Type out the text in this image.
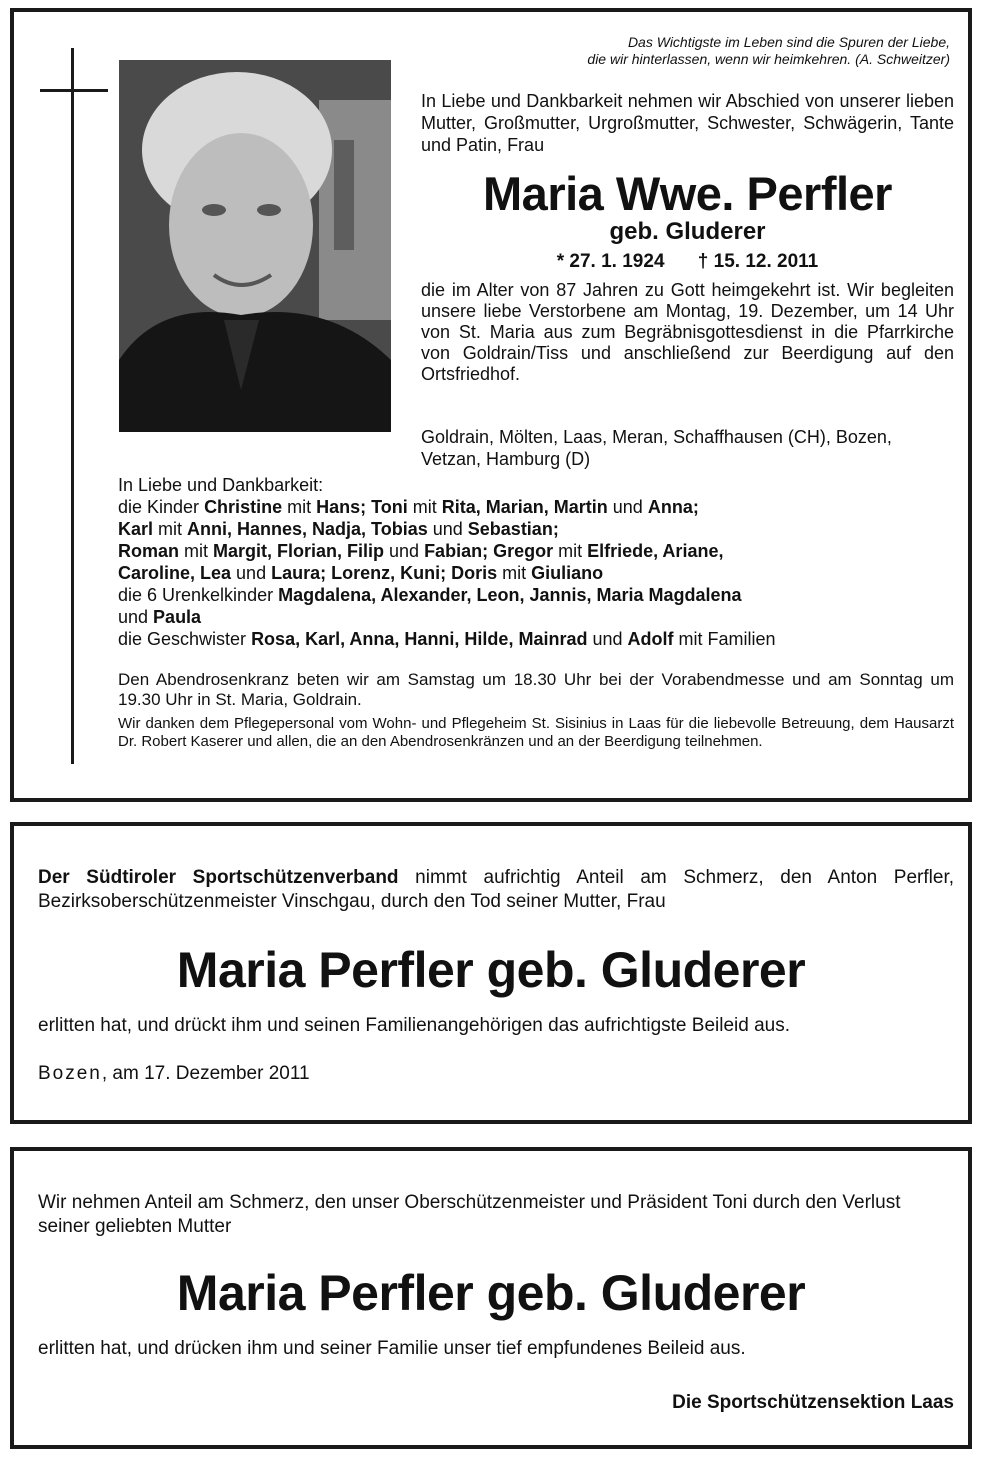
Das Wichtigste im Leben sind die Spuren der Liebe,
die wir hinterlassen, wenn wir heimkehren. (A. Schweitzer)
In Liebe und Dankbarkeit nehmen wir Abschied von unserer lieben Mutter, Großmutter, Urgroßmutter, Schwester, Schwägerin, Tante und Patin, Frau
Maria Wwe. Perfler
geb. Gluderer
* 27. 1. 1924 † 15. 12. 2011
die im Alter von 87 Jahren zu Gott heimgekehrt ist. Wir begleiten unsere liebe Verstorbene am Montag, 19. Dezember, um 14 Uhr von St. Maria aus zum Begräbnisgottesdienst in die Pfarrkirche von Goldrain/Tiss und anschließend zur Beerdigung auf den Ortsfriedhof.
Goldrain, Mölten, Laas, Meran, Schaffhausen (CH), Bozen, Vetzan, Hamburg (D)

In Liebe und Dankbarkeit:

die Kinder Christine mit Hans; Toni mit Rita, Marian, Martin und Anna;
Karl mit Anni, Hannes, Nadja, Tobias und Sebastian;
Roman mit Margit, Florian, Filip und Fabian; Gregor mit Elfriede, Ariane,
Caroline, Lea und Laura; Lorenz, Kuni; Doris mit Giuliano

die 6 Urenkelkinder Magdalena, Alexander, Leon, Jannis, Maria Magdalena
und Paula

die Geschwister Rosa, Karl, Anna, Hanni, Hilde, Mainrad und Adolf mit Familien

Den Abendrosenkranz beten wir am Samstag um 18.30 Uhr bei der Vorabendmesse und am Sonntag um 19.30 Uhr in St. Maria, Goldrain.
Wir danken dem Pflegepersonal vom Wohn- und Pflegeheim St. Sisinius in Laas für die liebevolle Betreuung, dem Hausarzt Dr. Robert Kaserer und allen, die an den Abendrosenkränzen und an der Beerdigung teilnehmen.
Der Südtiroler Sportschützenverband nimmt aufrichtig Anteil am Schmerz, den Anton Perfler, Bezirksoberschützenmeister Vinschgau, durch den Tod seiner Mutter, Frau
Maria Perfler geb. Gluderer
erlitten hat, und drückt ihm und seinen Familienangehörigen das aufrichtigste Beileid aus.
Bozen, am 17. Dezember 2011
Wir nehmen Anteil am Schmerz, den unser Oberschützenmeister und Präsident Toni durch den Verlust seiner geliebten Mutter
Maria Perfler geb. Gluderer
erlitten hat, und drücken ihm und seiner Familie unser tief empfundenes Beileid aus.
Die Sportschützensektion Laas
